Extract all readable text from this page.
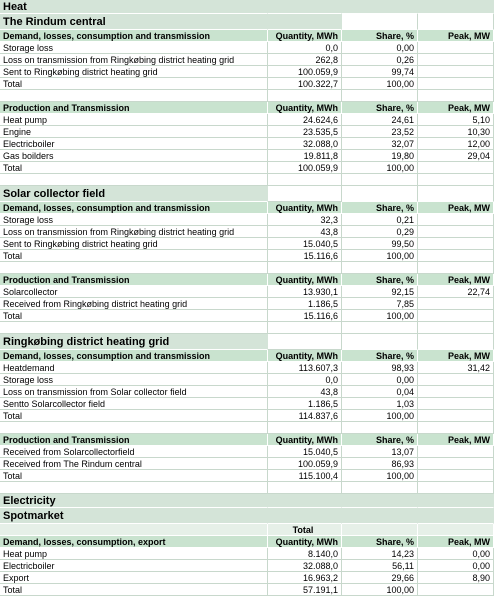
Heat
The Rindum central
Demand, losses, consumption and transmission	Quantity, MWh	Share, %	Peak, MW
Storage loss	0,0	0,00
Loss on transmission from Ringkøbing district heating grid	262,8	0,26
Sent to Ringkøbing district heating grid	100.059,9	99,74
Total	100.322,7	100,00
Production and Transmission	Quantity, MWh	Share, %	Peak, MW
Heat pump	24.624,6	24,61	5,10
Engine	23.535,5	23,52	10,30
Electricboiler	32.088,0	32,07	12,00
Gas boilders	19.811,8	19,80	29,04
Total	100.059,9	100,00
Solar collector field
Demand, losses, consumption and transmission	Quantity, MWh	Share, %	Peak, MW
Storage loss	32,3	0,21
Loss on transmission from Ringkøbing district heating grid	43,8	0,29
Sent to Ringkøbing district heating grid	15.040,5	99,50
Total	15.116,6	100,00
Production and Transmission	Quantity, MWh	Share, %	Peak, MW
Solarcollector	13.930,1	92,15	22,74
Received from Ringkøbing district heating grid	1.186,5	7,85
Total	15.116,6	100,00
Ringkøbing district heating grid
Demand, losses, consumption and transmission	Quantity, MWh	Share, %	Peak, MW
Heatdemand	113.607,3	98,93	31,42
Storage loss	0,0	0,00
Loss on transmission from Solar collector field	43,8	0,04
Sentto Solarcollector field	1.186,5	1,03
Total	114.837,6	100,00
Production and Transmission	Quantity, MWh	Share, %	Peak, MW
Received from Solarcollectorfield	15.040,5	13,07
Received from The Rindum central	100.059,9	86,93
Total	115.100,4	100,00
Electricity
Spotmarket
Total
Demand, losses, consumption, export	Quantity, MWh	Share, %	Peak, MW
Heat pump	8.140,0	14,23	0,00
Electricboiler	32.088,0	56,11	0,00
Export	16.963,2	29,66	8,90
Total	57.191,1	100,00
